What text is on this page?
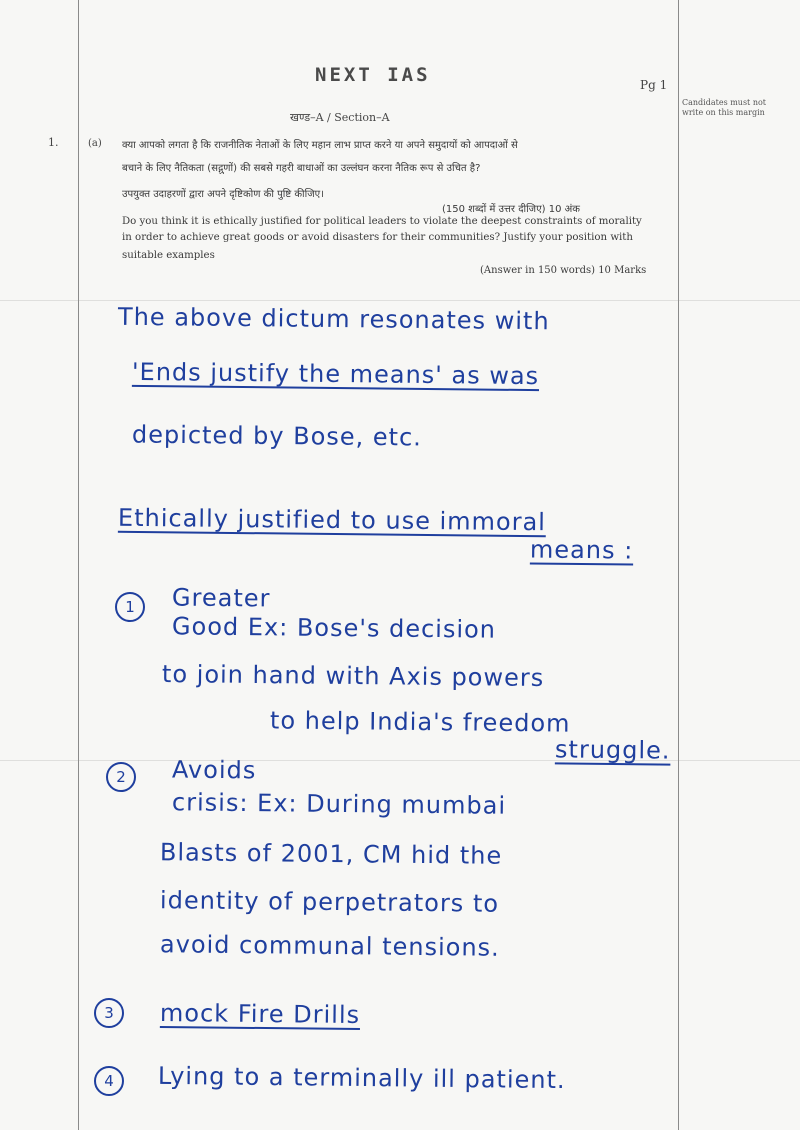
NEXT IAS	Pg 1
Candidates must not write on this margin
खण्ड–A / Section–A
1.	(a) क्या आपको लगता है कि राजनीतिक नेताओं के लिए महान लाभ प्राप्त करने या अपने समुदायों को आपदाओं से
बचाने के लिए नैतिकता (सद्गुणों) की सबसे गहरी बाधाओं का उल्लंघन करना नैतिक रूप से उचित है?
उपयुक्त उदाहरणों द्वारा अपने दृष्टिकोण की पुष्टि कीजिए।
(150 शब्दों में उत्तर दीजिए) 10 अंक
Do you think it is ethically justified for political leaders to violate the deepest constraints of morality
in order to achieve great goods or avoid disasters for their communities? Justify your position with
suitable examples
(Answer in 150 words) 10 Marks
The above dictum resonates with
'Ends justify the means' as was
depicted by Bose, etc.
Ethically justified to use immoral
means :
1	Greater
Good Ex: Bose's decision
to join hand with Axis powers
to help India's freedom
struggle.
2	Avoids
crisis: Ex: During mumbai
Blasts of 2001, CM hid the
identity of perpetrators to
avoid communal tensions.
3	mock Fire Drills
4	Lying to a terminally ill patient.
